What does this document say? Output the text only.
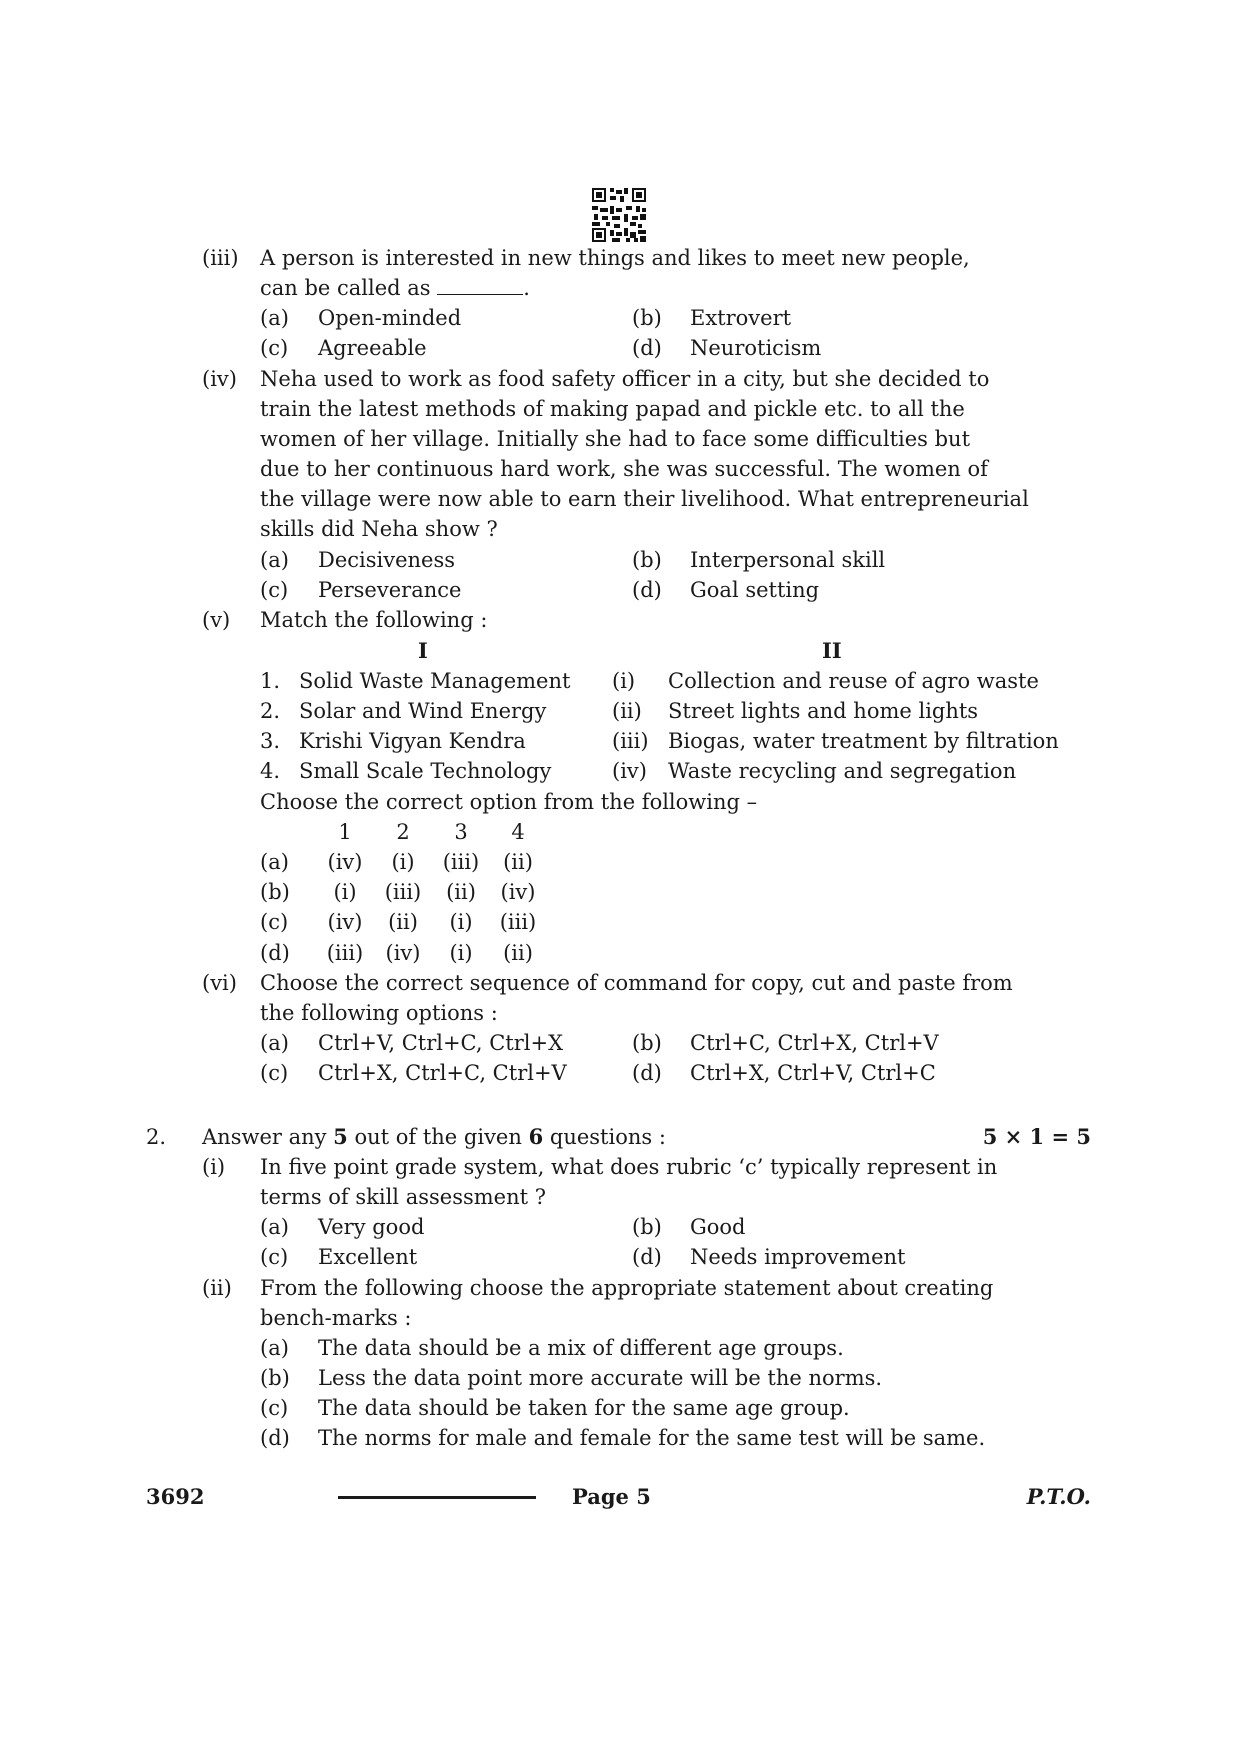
(iii) A person is interested in new things and likes to meet new people,
can be called as	.
(a) Open-minded	(b) Extrovert
(c) Agreeable	(d) Neuroticism
(iv) Neha used to work as food safety officer in a city, but she decided to
train the latest methods of making papad and pickle etc. to all the
women of her village. Initially she had to face some difficulties but
due to her continuous hard work, she was successful. The women of
the village were now able to earn their livelihood. What entrepreneurial
skills did Neha show ?
(a) Decisiveness	(b) Interpersonal skill
(c) Perseverance	(d) Goal setting
(v) Match the following :
I	II
1. Solid Waste Management (i) Collection and reuse of agro waste
2. Solar and Wind Energy	(ii) Street lights and home lights
3. Krishi Vigyan Kendra	(iii) Biogas, water treatment by filtration
4. Small Scale Technology	(iv) Waste recycling and segregation
Choose the correct option from the following –
1	2	3	4
(a)	(iv)	(i)	(iii)	(ii)
(b)	(i)	(iii)	(ii)	(iv)
(c)	(iv)	(ii)	(i)	(iii)
(d)	(iii)	(iv)	(i)	(ii)
(vi) Choose the correct sequence of command for copy, cut and paste from
the following options :
(a) Ctrl+V, Ctrl+C, Ctrl+X	(b) Ctrl+C, Ctrl+X, Ctrl+V
(c) Ctrl+X, Ctrl+C, Ctrl+V	(d) Ctrl+X, Ctrl+V, Ctrl+C
2. Answer any 5 out of the given 6 questions :	5 × 1 = 5
(i) In five point grade system, what does rubric ‘c’ typically represent in
terms of skill assessment ?
(a) Very good	(b) Good
(c) Excellent	(d) Needs improvement
(ii) From the following choose the appropriate statement about creating
bench-marks :
(a) The data should be a mix of different age groups.
(b) Less the data point more accurate will be the norms.
(c) The data should be taken for the same age group.
(d) The norms for male and female for the same test will be same.
3692	Page 5	P.T.O.
